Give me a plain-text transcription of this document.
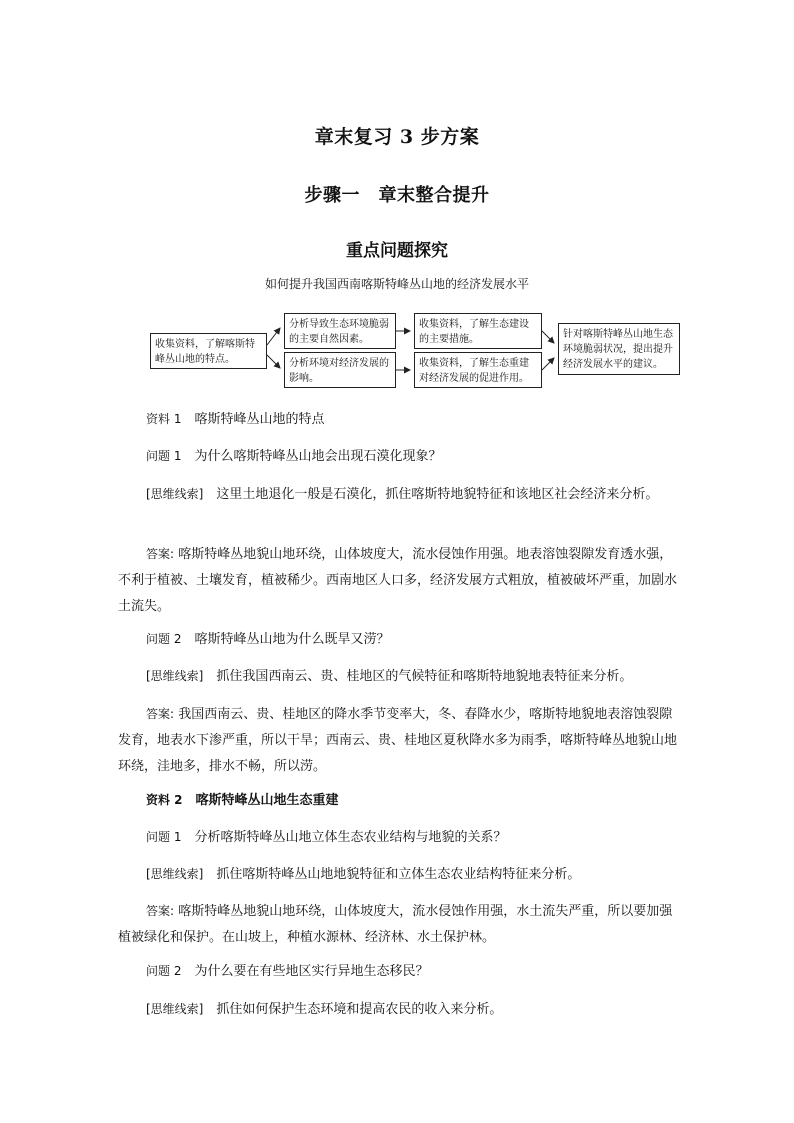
章末复习 3 步方案
步骤一　章末整合提升
重点问题探究
如何提升我国西南喀斯特峰丛山地的经济发展水平
收集资料，了解喀斯特峰丛山地的特点。
分析导致生态环境脆弱的主要自然因素。
分析环境对经济发展的影响。
收集资料，了解生态建设的主要措施。
收集资料，了解生态重建对经济发展的促进作用。
针对喀斯特峰丛山地生态环境脆弱状况，提出提升经济发展水平的建议。
资料 1　 喀斯特峰丛山地的特点
问题 1　 为什么喀斯特峰丛山地会出现石漠化现象？
[思维线索]　 这里土地退化一般是石漠化，抓住喀斯特地貌特征和该地区社会经济来分析。
答案: 喀斯特峰丛地貌山地环绕，山体坡度大，流水侵蚀作用强。地表溶蚀裂隙发育透水强，不利于植被、土壤发育，植被稀少。西南地区人口多，经济发展方式粗放，植被破坏严重，加剧水土流失。
问题 2　 喀斯特峰丛山地为什么既旱又涝？
[思维线索]　 抓住我国西南云、贵、桂地区的气候特征和喀斯特地貌地表特征来分析。
答案: 我国西南云、贵、桂地区的降水季节变率大，冬、春降水少，喀斯特地貌地表溶蚀裂隙发育，地表水下渗严重，所以干旱；西南云、贵、桂地区夏秋降水多为雨季，喀斯特峰丛地貌山地环绕，洼地多，排水不畅，所以涝。
资料 2　 喀斯特峰丛山地生态重建
问题 1　 分析喀斯特峰丛山地立体生态农业结构与地貌的关系？
[思维线索]　 抓住喀斯特峰丛山地地貌特征和立体生态农业结构特征来分析。
答案: 喀斯特峰丛地貌山地环绕，山体坡度大，流水侵蚀作用强，水土流失严重，所以要加强植被绿化和保护。在山坡上，种植水源林、经济林、水土保护林。
问题 2　 为什么要在有些地区实行异地生态移民？
[思维线索]　 抓住如何保护生态环境和提高农民的收入来分析。
